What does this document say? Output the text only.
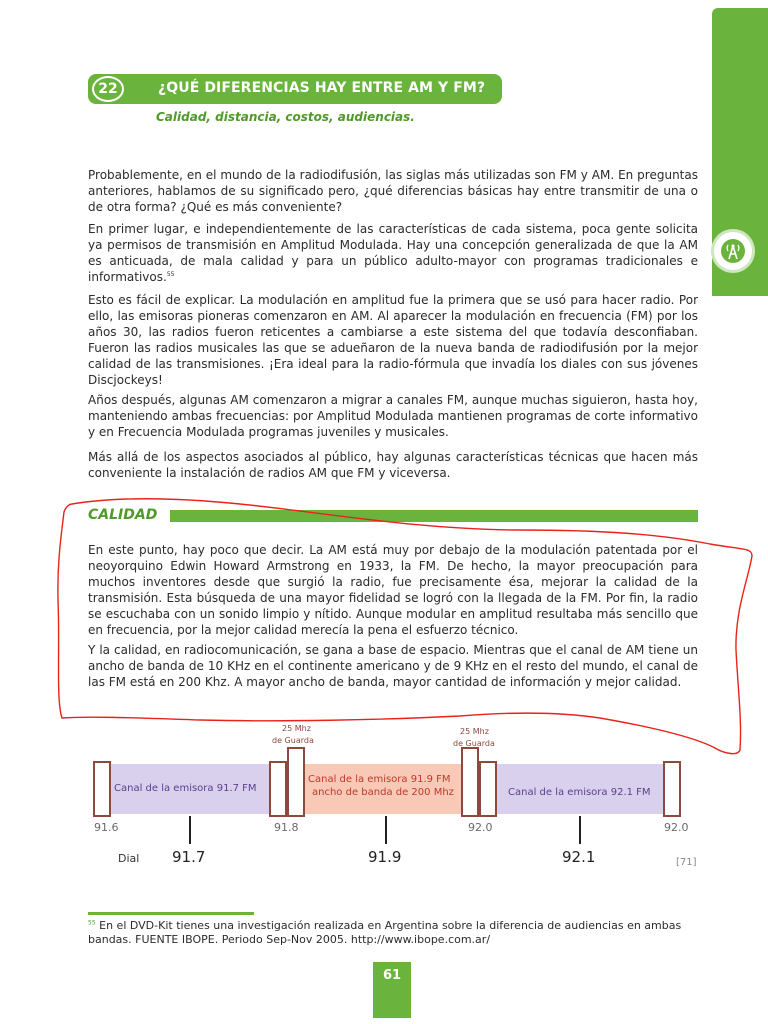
22	¿QUÉ DIFERENCIAS HAY ENTRE AM Y FM?
Calidad, distancia, costos, audiencias.

Probablemente, en el mundo de la radiodifusión, las siglas más utilizadas son FM y AM. En preguntas anteriores, hablamos de su significado pero, ¿qué diferencias básicas hay entre transmitir de una o de otra forma? ¿Qué es más conveniente?

En primer lugar, e independientemente de las características de cada sistema, poca gente solicita ya permisos de transmisión en Amplitud Modulada. Hay una concepción generalizada de que la AM es anticuada, de mala calidad y para un público adulto-mayor con programas tradicionales e informativos.$^{55}$

Esto es fácil de explicar. La modulación en amplitud fue la primera que se usó para hacer radio. Por ello, las emisoras pioneras comenzaron en AM. Al aparecer la modulación en frecuencia (FM) por los años 30, las radios fueron reticentes a cambiarse a este sistema del que todavía desconfiaban. Fueron las radios musicales las que se adueñaron de la nueva banda de radiodifusión por la mejor calidad de las transmisiones. ¡Era ideal para la radio-fórmula que invadía los diales con sus jóvenes Discjockeys!

Años después, algunas AM comenzaron a migrar a canales FM, aunque muchas siguieron, hasta hoy, manteniendo ambas frecuencias: por Amplitud Modulada mantienen programas de corte informativo y en Frecuencia Modulada programas juveniles y musicales.

Más allá de los aspectos asociados al público, hay algunas características técnicas que hacen más conveniente la instalación de radios AM que FM y viceversa.

CALIDAD

En este punto, hay poco que decir. La AM está muy por debajo de la modulación patentada por el neoyorquino Edwin Howard Armstrong en 1933, la FM. De hecho, la mayor preocupación para muchos inventores desde que surgió la radio, fue precisamente ésa, mejorar la calidad de la transmisión. Esta búsqueda de una mayor fidelidad se logró con la llegada de la FM. Por fin, la radio se escuchaba con un sonido limpio y nítido. Aunque modular en amplitud resultaba más sencillo que en frecuencia, por la mejor calidad merecía la pena el esfuerzo técnico.

Y la calidad, en radiocomunicación, se gana a base de espacio. Mientras que el canal de AM tiene un ancho de banda de 10 KHz en el continente americano y de 9 KHz en el resto del mundo, el canal de las FM está en 200 Khz. A mayor ancho de banda, mayor cantidad de información y mejor calidad.

25 Mhz
de Guarda
25 Mhz
de Guarda
Canal de la emisora 91.7 FM
Canal de la emisora 91.9 FM
ancho de banda de 200 Mhz	Canal de la emisora 92.1 FM
91.6	91.8	92.0	92.0
Dial 91.7	91.9	92.1	[71]
$^{55}$ En el DVD-Kit tienes una investigación realizada en Argentina sobre la diferencia de audiencias en ambas bandas. FUENTE IBOPE. Periodo Sep-Nov 2005. http://www.ibope.com.ar/
61
